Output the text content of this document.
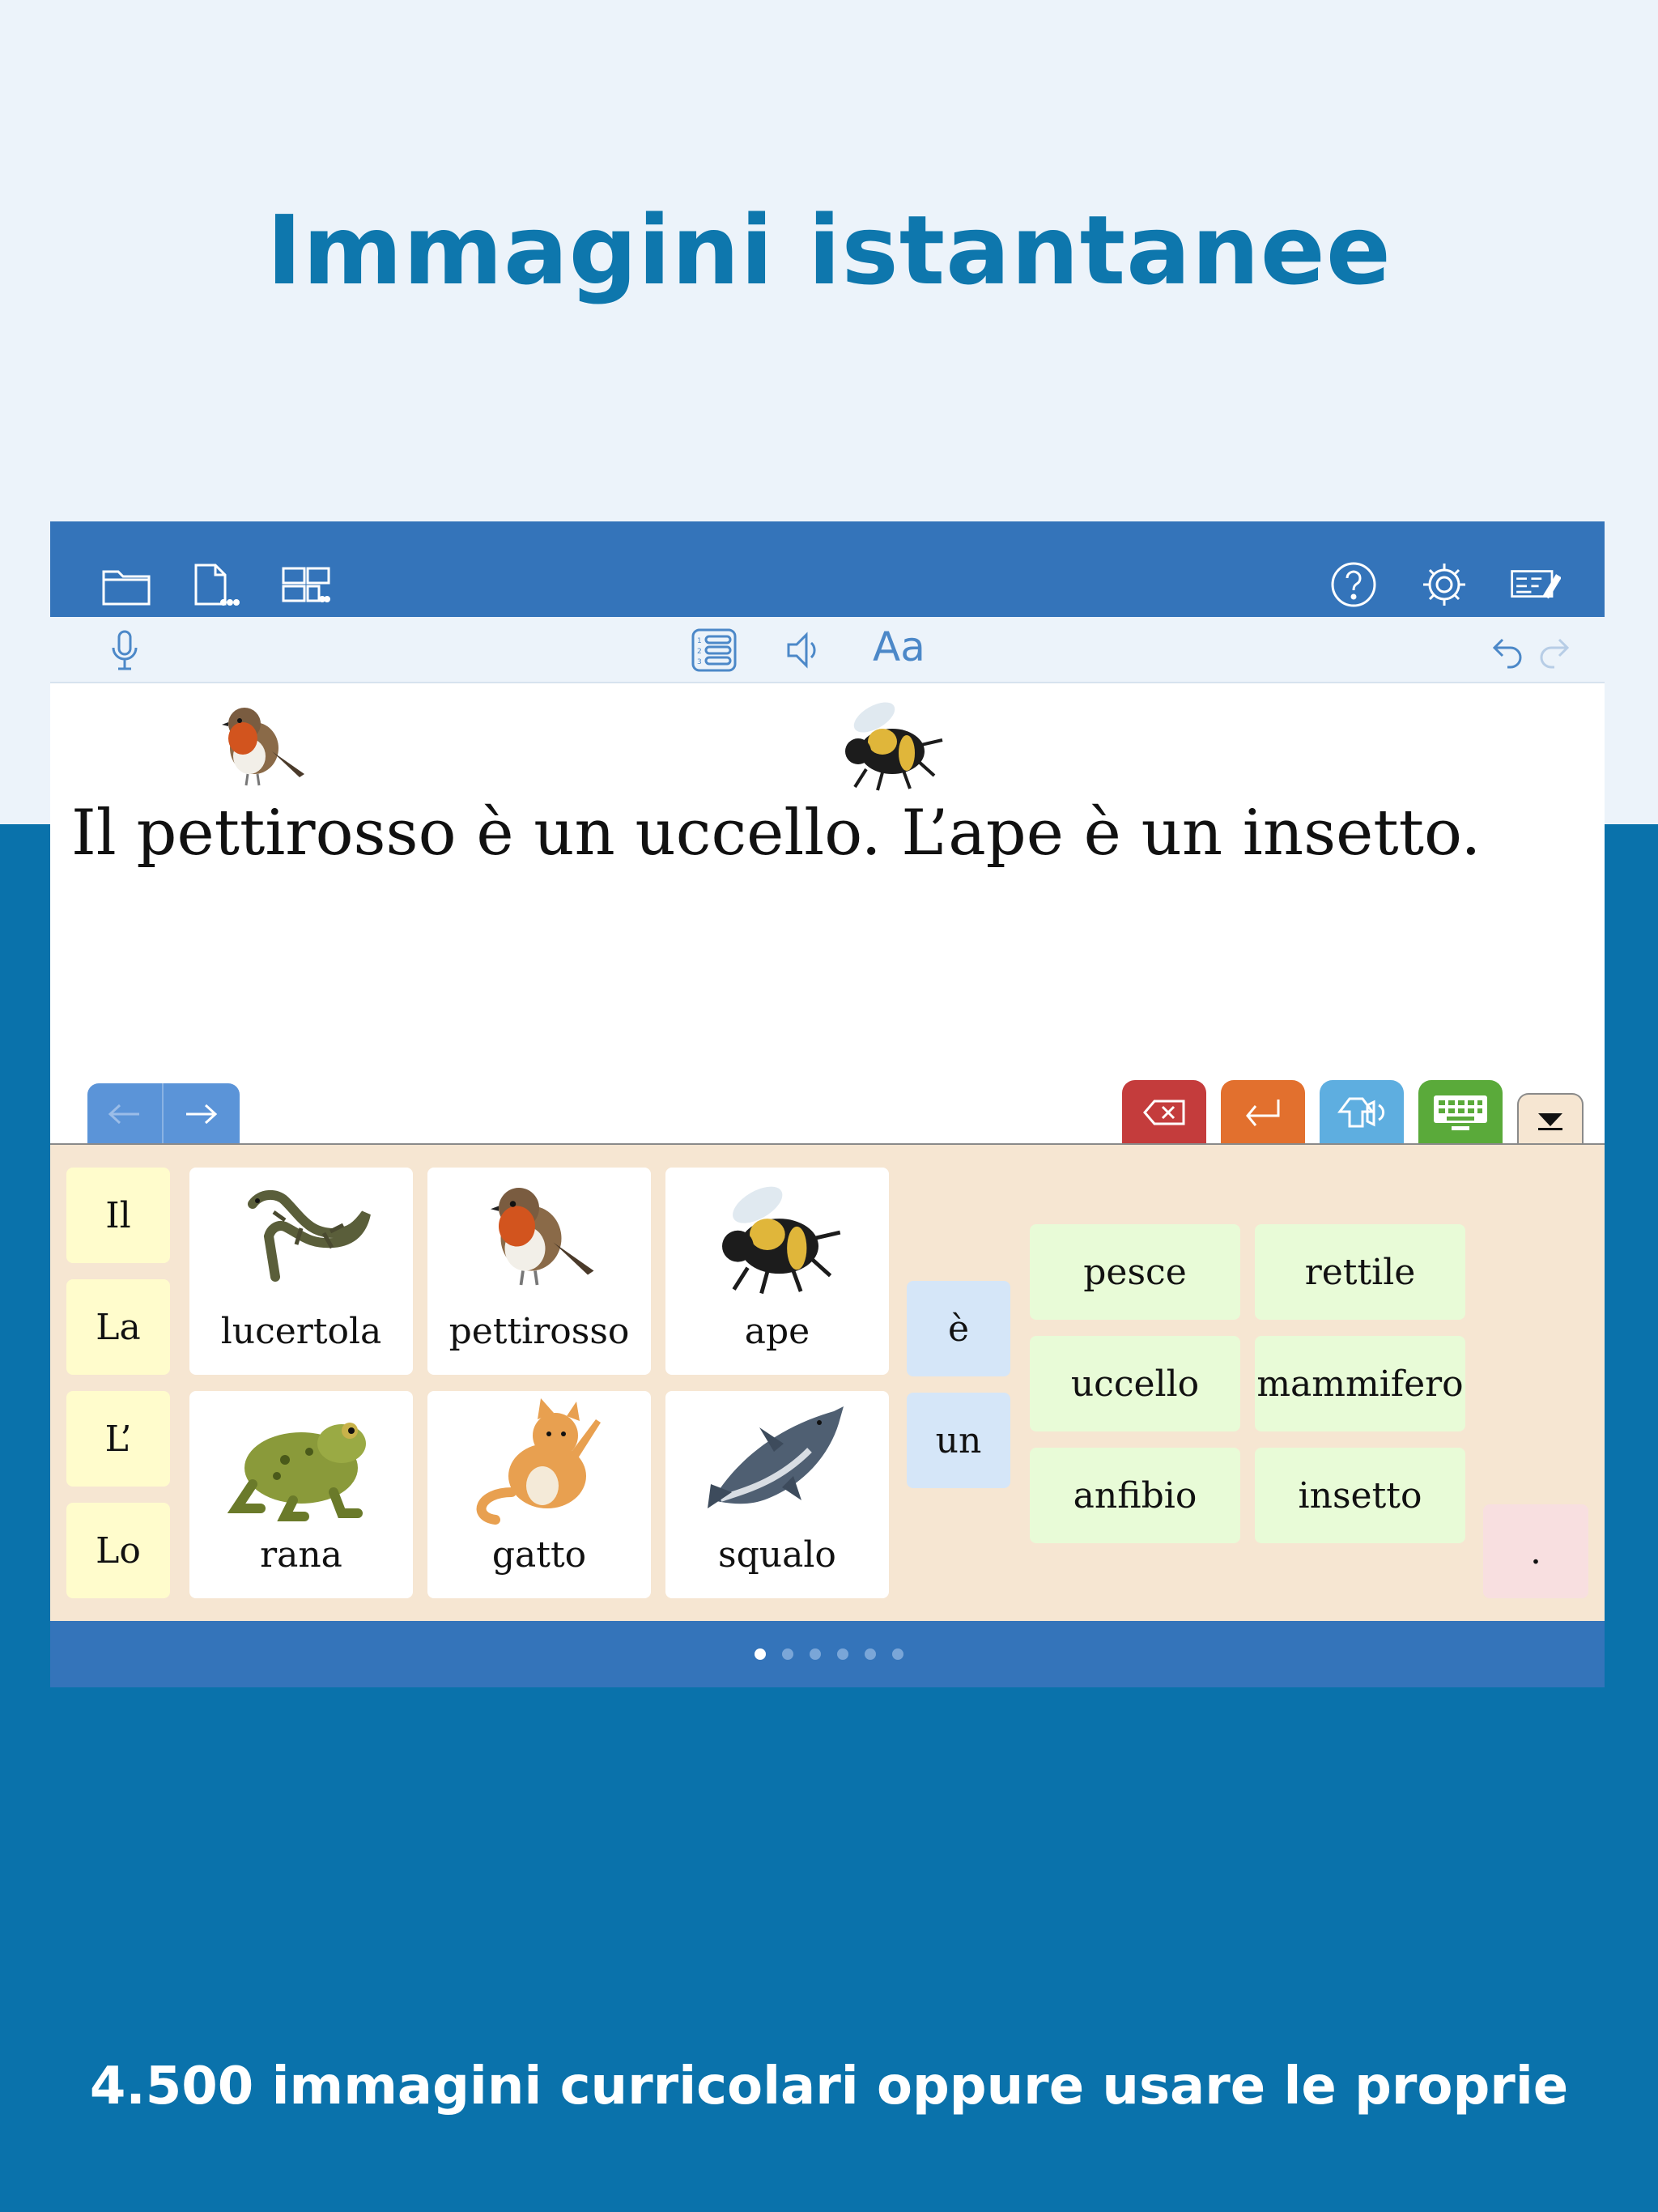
Immagini istantanee
1
2
3	Aa
Il pettirosso è un uccello. L’ape è un insetto.
Il
La
L’
Lo
lucertola	pettirosso	ape
rana	gatto	squalo
è
un
pesce	rettile
uccello	mammifero
anfibio	insetto
.
4.500 immagini curricolari oppure usare le proprie
